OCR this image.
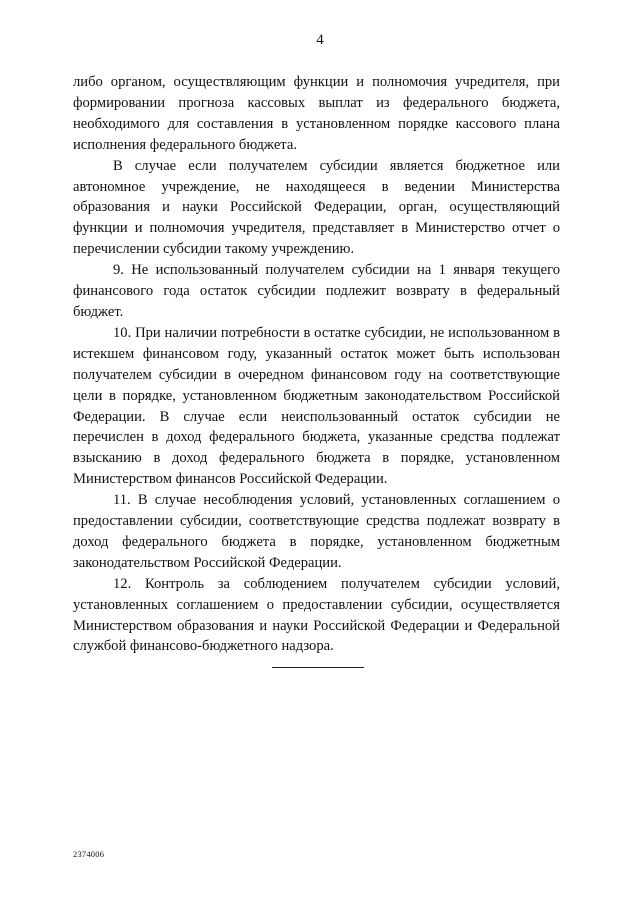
4

либо органом, осуществляющим функции и полномочия учредителя, при формировании прогноза кассовых выплат из федерального бюджета, необходимого для составления в установленном порядке кассового плана исполнения федерального бюджета.

В случае если получателем субсидии является бюджетное или автономное учреждение, не находящееся в ведении Министерства образования и науки Российской Федерации, орган, осуществляющий функции и полномочия учредителя, представляет в Министерство отчет о перечислении субсидии такому учреждению.

9. Не использованный получателем субсидии на 1 января текущего финансового года остаток субсидии подлежит возврату в федеральный бюджет.

10. При наличии потребности в остатке субсидии, не использованном в истекшем финансовом году, указанный остаток может быть использован получателем субсидии в очередном финансовом году на соответствующие цели в порядке, установленном бюджетным законодательством Российской Федерации. В случае если неиспользованный остаток субсидии не перечислен в доход федерального бюджета, указанные средства подлежат взысканию в доход федерального бюджета в порядке, установленном Министерством финансов Российской Федерации.

11. В случае несоблюдения условий, установленных соглашением о предоставлении субсидии, соответствующие средства подлежат возврату в доход федерального бюджета в порядке, установленном бюджетным законодательством Российской Федерации.

12. Контроль за соблюдением получателем субсидии условий, установленных соглашением о предоставлении субсидии, осуществляется Министерством образования и науки Российской Федерации и Федеральной службой финансово-бюджетного надзора.

2374006
